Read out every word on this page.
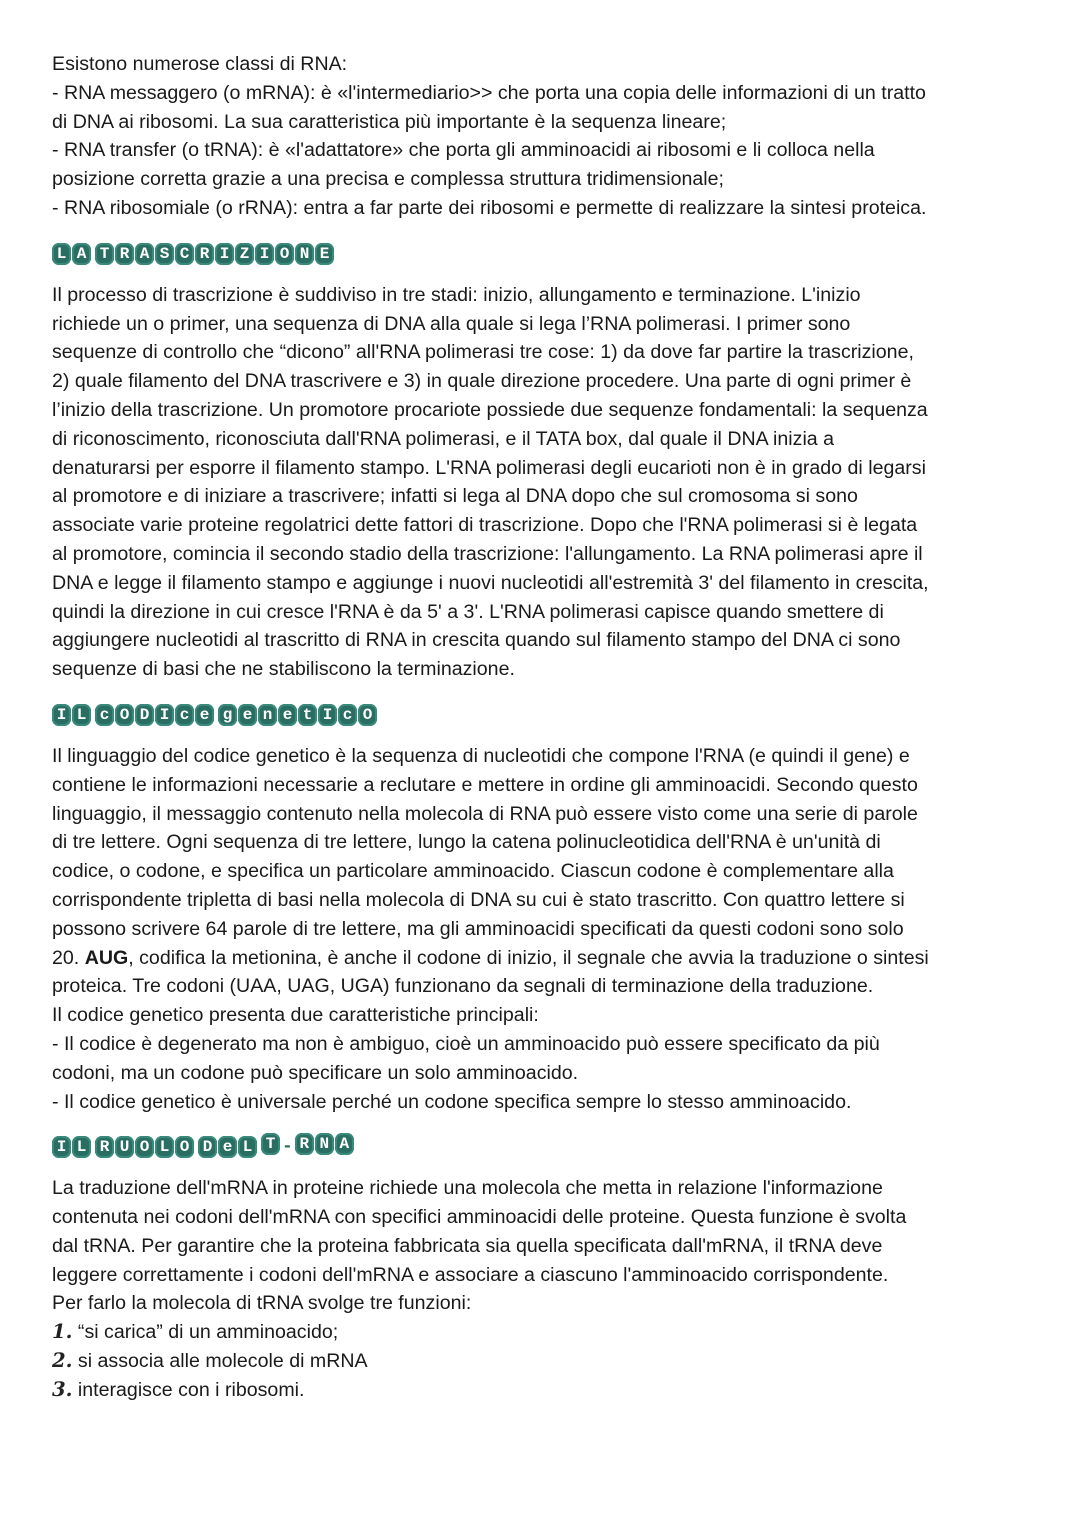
Esistono numerose classi di RNA:

- RNA messaggero (o mRNA): è «l'intermediario>> che porta una copia delle informazioni di un tratto

di DNA ai ribosomi. La sua caratteristica più importante è la sequenza lineare;

- RNA transfer (o tRNA): è «l'adattatore» che porta gli amminoacidi ai ribosomi e li colloca nella

posizione corretta grazie a una precisa e complessa struttura tridimensionale;

- RNA ribosomiale (o rRNA): entra a far parte dei ribosomi e permette di realizzare la sintesi proteica.

L A T R A S C R I Z I O N E

Il processo di trascrizione è suddiviso in tre stadi: inizio, allungamento e terminazione. L'inizio

richiede un o primer, una sequenza di DNA alla quale si lega l’RNA polimerasi. I primer sono

sequenze di controllo che “dicono” all'RNA polimerasi tre cose: 1) da dove far partire la trascrizione,

2) quale filamento del DNA trascrivere e 3) in quale direzione procedere. Una parte di ogni primer è

l’inizio della trascrizione. Un promotore procariote possiede due sequenze fondamentali: la sequenza

di riconoscimento, riconosciuta dall'RNA polimerasi, e il TATA box, dal quale il DNA inizia a

denaturarsi per esporre il filamento stampo. L'RNA polimerasi degli eucarioti non è in grado di legarsi

al promotore e di iniziare a trascrivere; infatti si lega al DNA dopo che sul cromosoma si sono

associate varie proteine regolatrici dette fattori di trascrizione. Dopo che l'RNA polimerasi si è legata

al promotore, comincia il secondo stadio della trascrizione: l'allungamento. La RNA polimerasi apre il

DNA e legge il filamento stampo e aggiunge i nuovi nucleotidi all'estremità 3' del filamento in crescita,

quindi la direzione in cui cresce l'RNA è da 5' a 3'. L'RNA polimerasi capisce quando smettere di

aggiungere nucleotidi al trascritto di RNA in crescita quando sul filamento stampo del DNA ci sono

sequenze di basi che ne stabiliscono la terminazione.

I L c O D I c e g e n e t I c O

Il linguaggio del codice genetico è la sequenza di nucleotidi che compone l'RNA (e quindi il gene) e

contiene le informazioni necessarie a reclutare e mettere in ordine gli amminoacidi. Secondo questo

linguaggio, il messaggio contenuto nella molecola di RNA può essere visto come una serie di parole

di tre lettere. Ogni sequenza di tre lettere, lungo la catena polinucleotidica dell'RNA è un'unità di

codice, o codone, e specifica un particolare amminoacido. Ciascun codone è complementare alla

corrispondente tripletta di basi nella molecola di DNA su cui è stato trascritto. Con quattro lettere si

possono scrivere 64 parole di tre lettere, ma gli amminoacidi specificati da questi codoni sono solo

20. AUG, codifica la metionina, è anche il codone di inizio, il segnale che avvia la traduzione o sintesi

proteica. Tre codoni (UAA, UAG, UGA) funzionano da segnali di terminazione della traduzione.

Il codice genetico presenta due caratteristiche principali:

- Il codice è degenerato ma non è ambiguo, cioè un amminoacido può essere specificato da più

codoni, ma un codone può specificare un solo amminoacido.

- Il codice genetico è universale perché un codone specifica sempre lo stesso amminoacido.

I L R U O L O D e L T - R N A

La traduzione dell'mRNA in proteine richiede una molecola che metta in relazione l'informazione

contenuta nei codoni dell'mRNA con specifici amminoacidi delle proteine. Questa funzione è svolta

dal tRNA. Per garantire che la proteina fabbricata sia quella specificata dall'mRNA, il tRNA deve

leggere correttamente i codoni dell'mRNA e associare a ciascuno l'amminoacido corrispondente.

Per farlo la molecola di tRNA svolge tre funzioni:

1. “si carica” di un amminoacido;
2. si associa alle molecole di mRNA
3. interagisce con i ribosomi.
